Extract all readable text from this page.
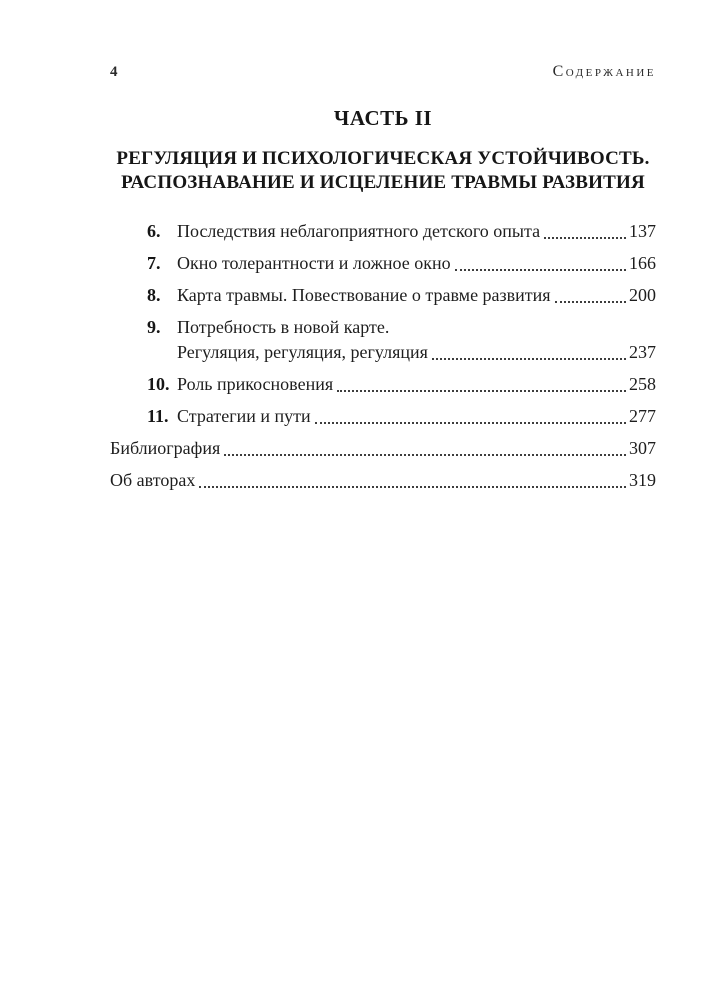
4	Содержание
ЧАСТЬ II
РЕГУЛЯЦИЯ И ПСИХОЛОГИЧЕСКАЯ УСТОЙЧИВОСТЬ.
РАСПОЗНАВАНИЕ И ИСЦЕЛЕНИЕ ТРАВМЫ РАЗВИТИЯ
6. Последствия неблагоприятного детского опыта	137
7. Окно толерантности и ложное окно	166
8. Карта травмы. Повествование о травме развития	200
9. Потребность в новой карте.
Регуляция, регуляция, регуляция	237
10. Роль прикосновения	258
11. Стратегии и пути	277
Библиография	307
Об авторах	319
